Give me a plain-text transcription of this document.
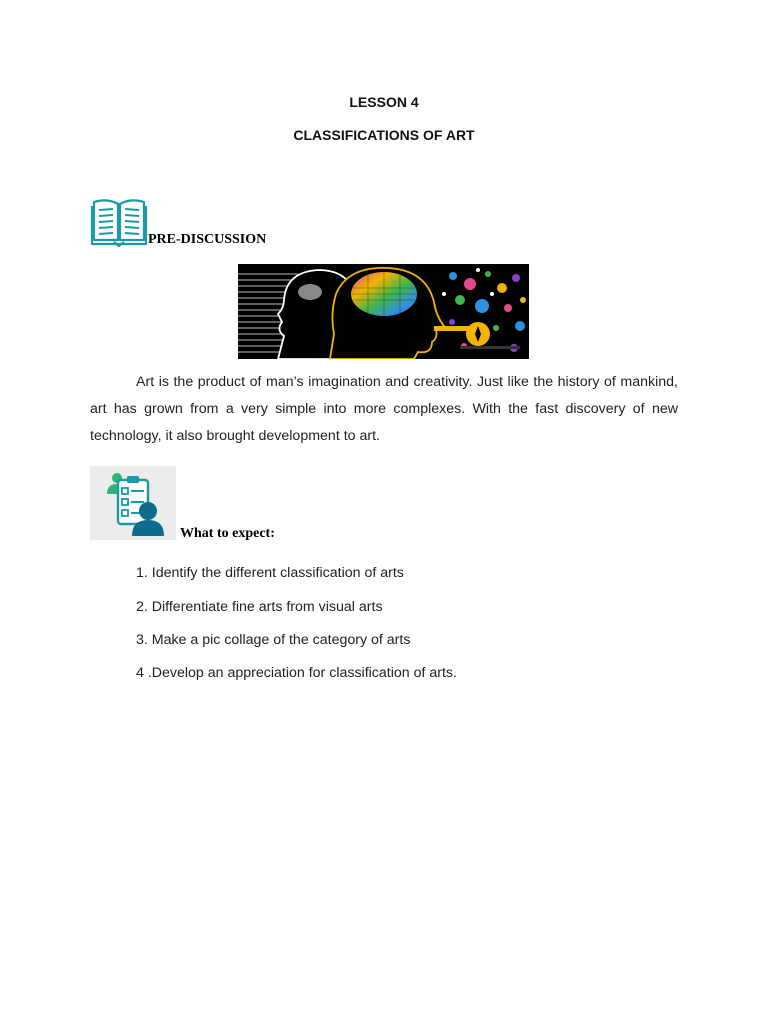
LESSON 4
CLASSIFICATIONS OF ART
PRE-DISCUSSION
Art is the product of man’s imagination and creativity. Just like the history of mankind, art has grown from a very simple into more complexes. With the fast discovery of new technology, it also brought development to art.
What to expect:
1. Identify the different classification of arts
2. Differentiate fine arts from visual arts
3. Make a pic collage of the category of arts
4 .Develop an appreciation for classification of arts.
